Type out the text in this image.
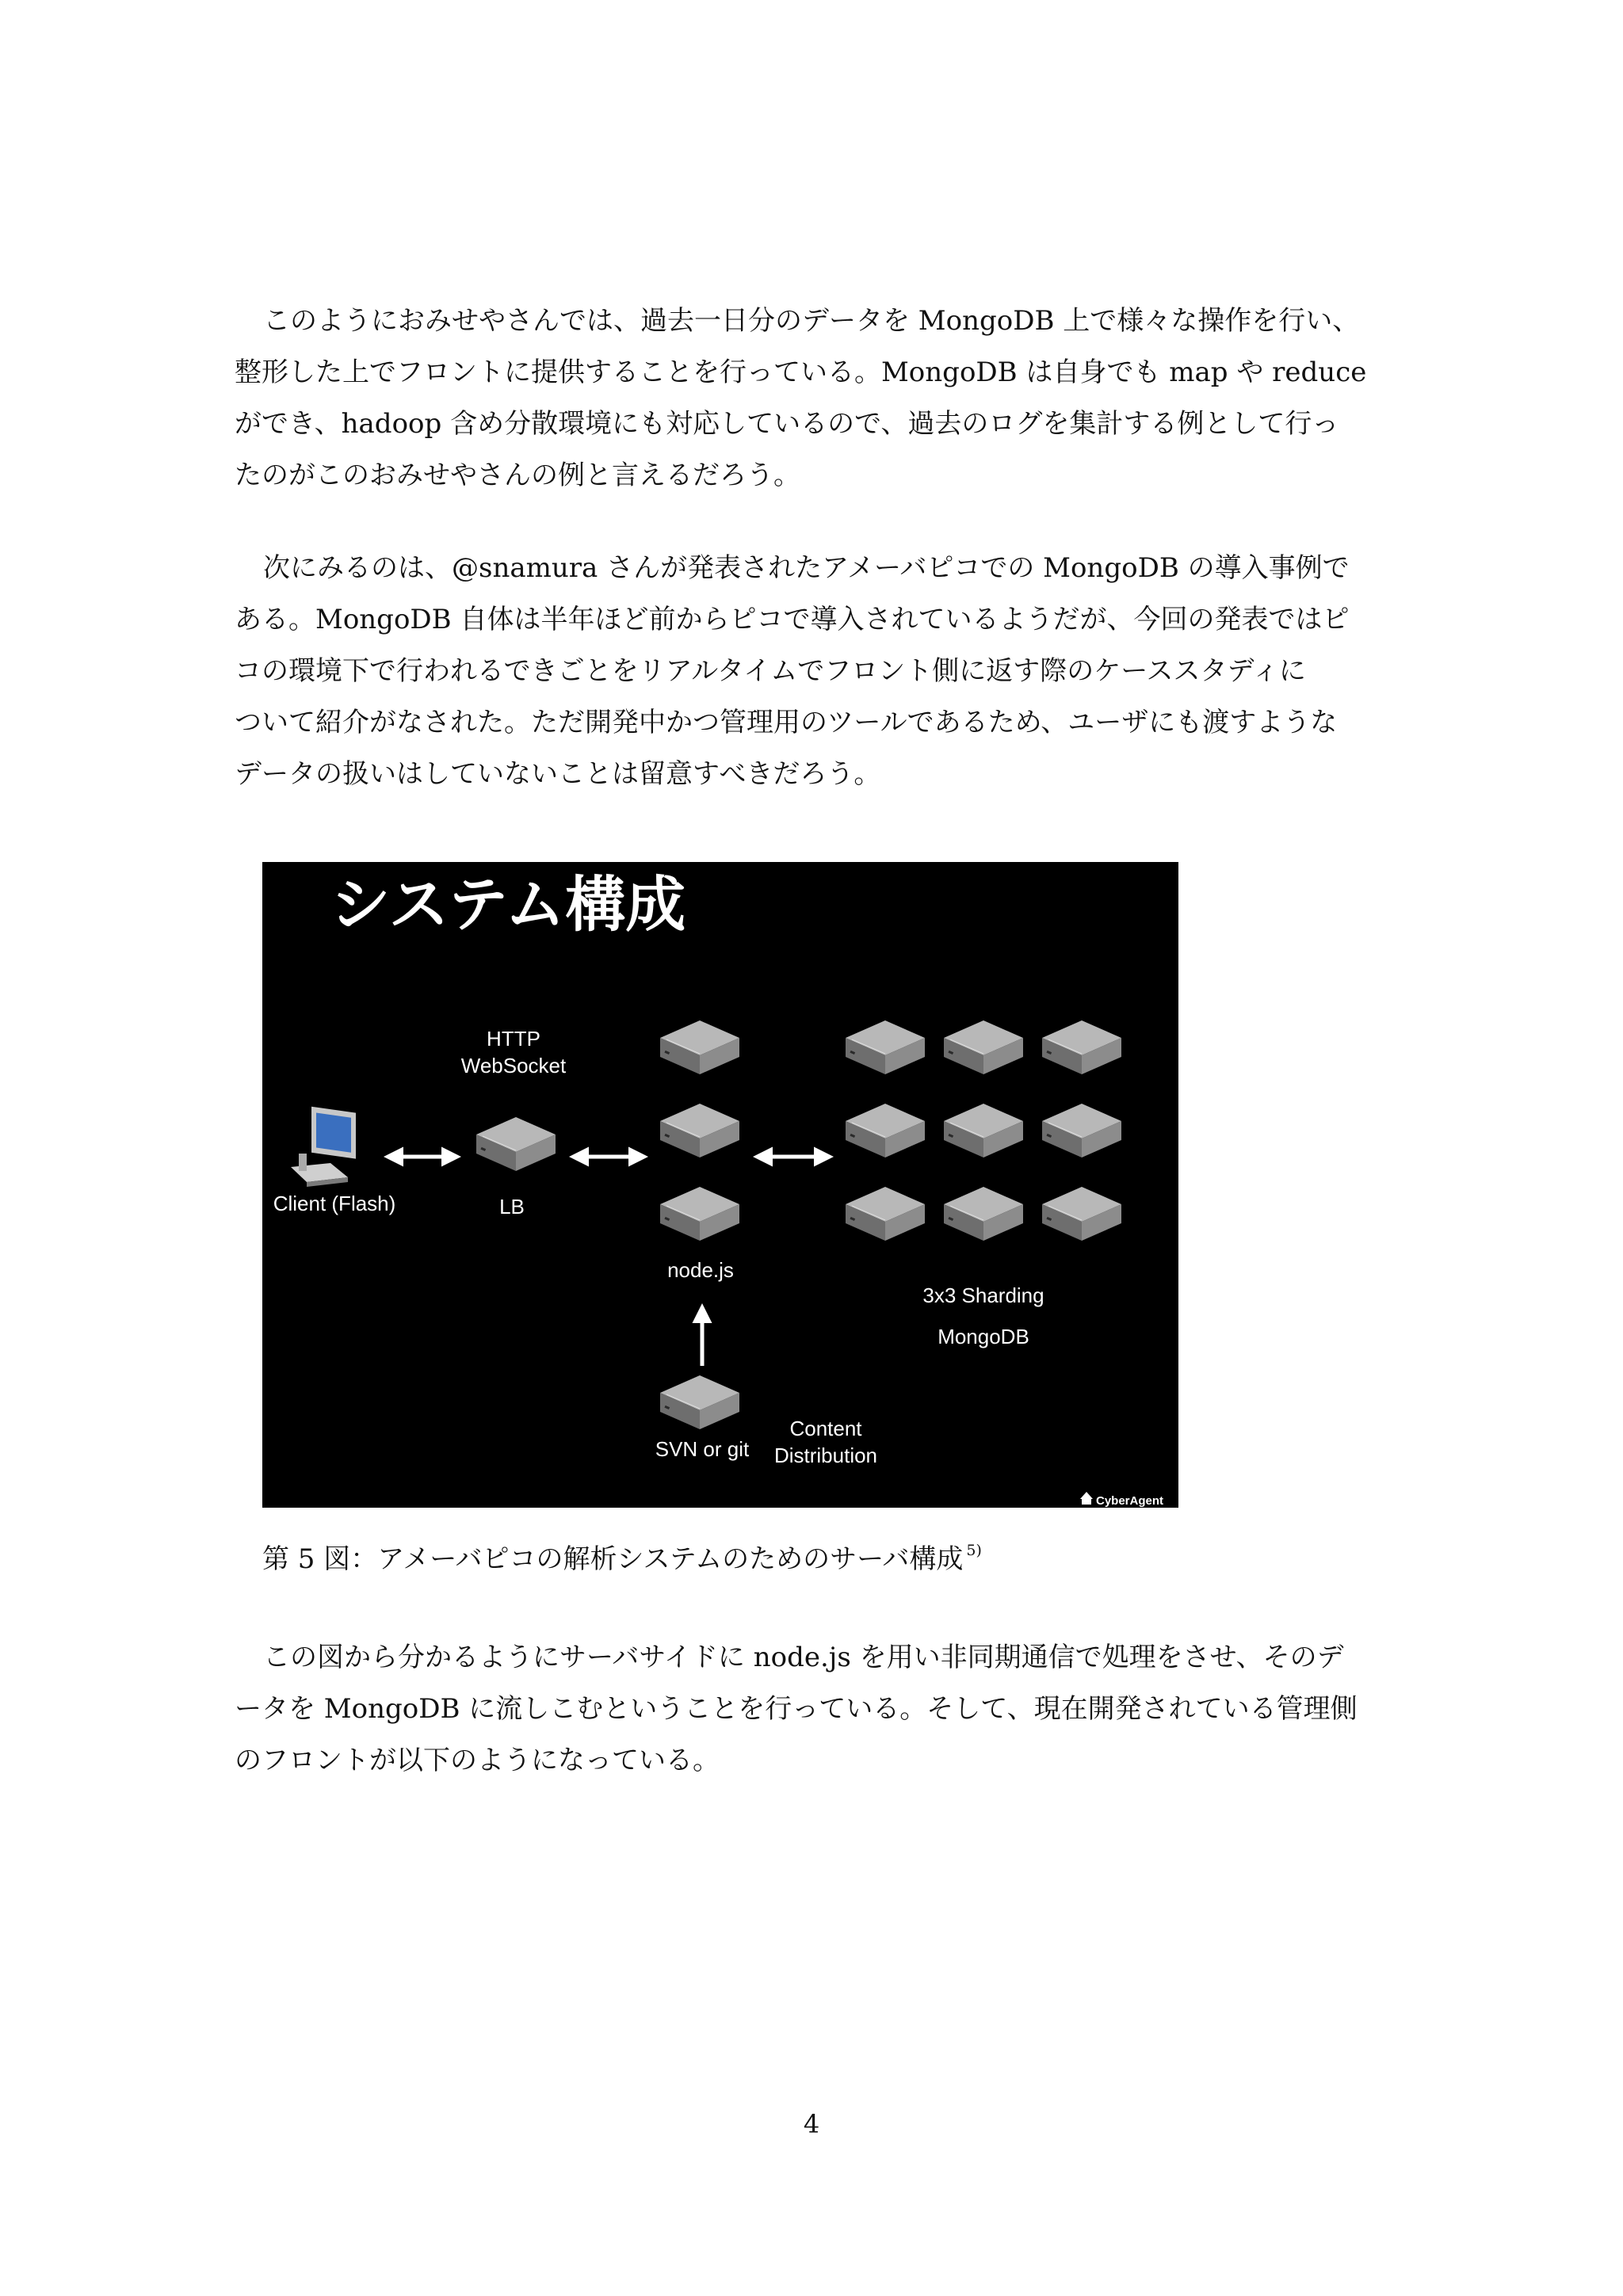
このようにおみせやさんでは、過去一日分のデータを MongoDB 上で様々な操作を行い、
整形した上でフロントに提供することを行っている。MongoDB は自身でも map や reduce
ができ、hadoop 含め分散環境にも対応しているので、過去のログを集計する例として行っ
たのがこのおみせやさんの例と言えるだろう。

次にみるのは、@snamura さんが発表されたアメーバピコでの MongoDB の導入事例で
ある。MongoDB 自体は半年ほど前からピコで導入されているようだが、今回の発表ではピ
コの環境下で行われるできごとをリアルタイムでフロント側に返す際のケーススタディに
ついて紹介がなされた。ただ開発中かつ管理用のツールであるため、ユーザにも渡すような
データの扱いはしていないことは留意すべきだろう。

システム構成
HTTP
WebSocket
Client (Flash)	LB
node.js
3x3 Sharding
MongoDB
SVN or git
Content
Distribution
CyberAgent
第 5 図：アメーバピコの解析システムのためのサーバ構成 $^{5)}$

この図から分かるようにサーバサイドに node.js を用い非同期通信で処理をさせ、そのデ
ータを MongoDB に流しこむということを行っている。そして、現在開発されている管理側
のフロントが以下のようになっている。

4
